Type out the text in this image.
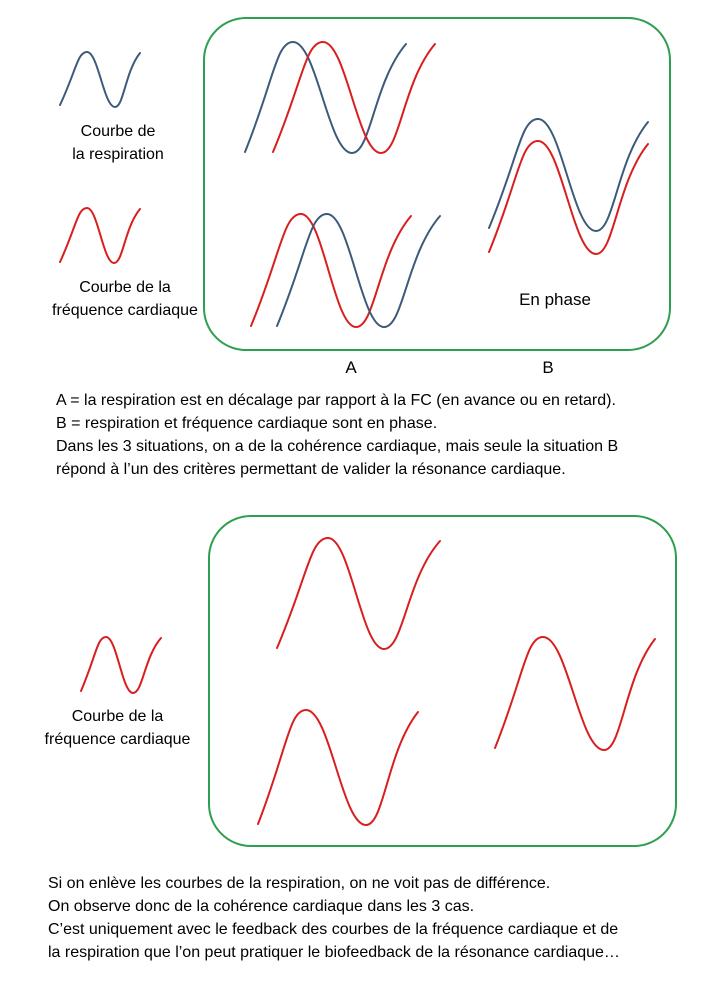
Courbe de
la respiration
Courbe de la
fréquence cardiaque
En phase
A	B
A = la respiration est en décalage par rapport à la FC (en avance ou en retard).
B = respiration et fréquence cardiaque sont en phase.
Dans les 3 situations, on a de la cohérence cardiaque, mais seule la situation B
répond à l’un des critères permettant de valider la résonance cardiaque.
Courbe de la
fréquence cardiaque
Si on enlève les courbes de la respiration, on ne voit pas de différence.
On observe donc de la cohérence cardiaque dans les 3 cas.
C’est uniquement avec le feedback des courbes de la fréquence cardiaque et de
la respiration que l’on peut pratiquer le biofeedback de la résonance cardiaque…
